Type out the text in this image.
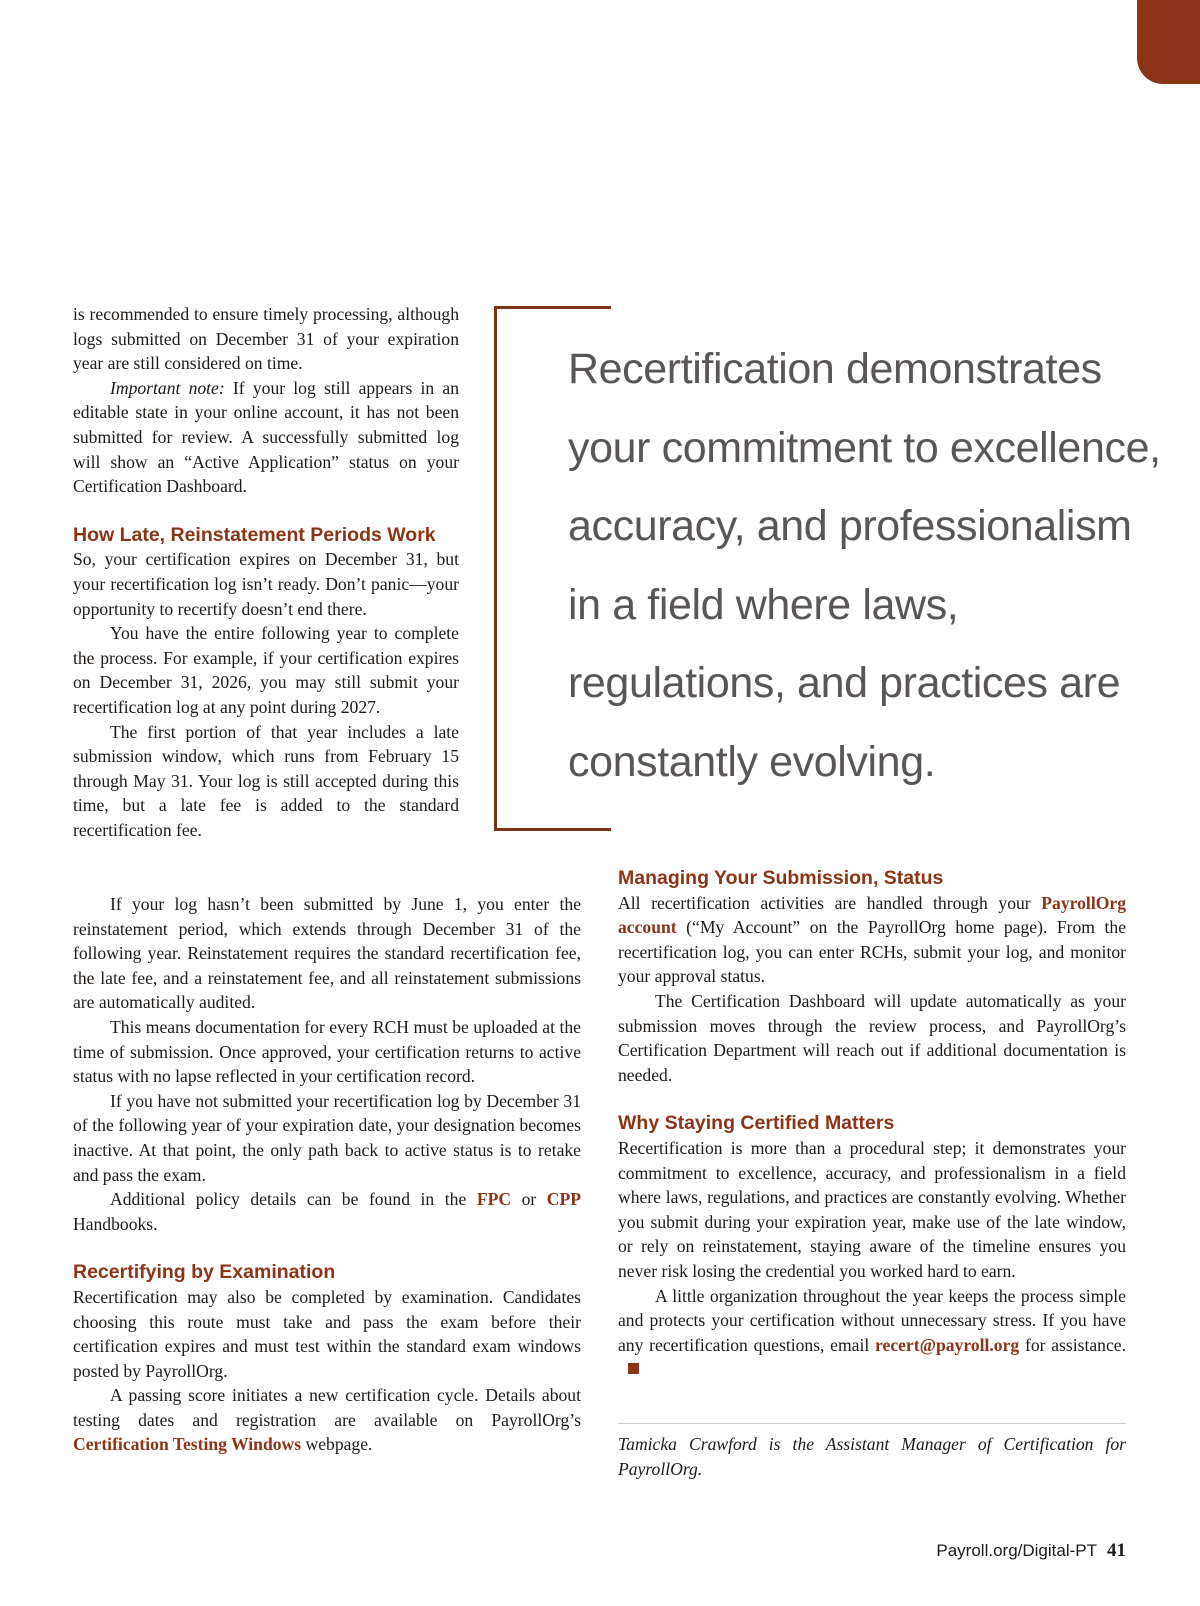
is recommended to ensure timely processing, although logs submitted on December 31 of your expiration year are still considered on time.

Important note: If your log still appears in an editable state in your online account, it has not been submitted for review. A successfully submitted log will show an “Active Application” status on your Certification Dashboard.

How Late, Reinstatement Periods Work

So, your certification expires on December 31, but your recertification log isn’t ready. Don’t panic—your opportunity to recertify doesn’t end there.

You have the entire following year to complete the process. For example, if your certification expires on December 31, 2026, you may still submit your recertification log at any point during 2027.

The first portion of that year includes a late submission window, which runs from February 15 through May 31. Your log is still accepted during this time, but a late fee is added to the standard recertification fee.

If your log hasn’t been submitted by June 1, you enter the reinstatement period, which extends through December 31 of the following year. Reinstatement requires the standard recertification fee, the late fee, and a reinstatement fee, and all reinstatement submissions are automatically audited.

This means documentation for every RCH must be uploaded at the time of submission. Once approved, your certification returns to active status with no lapse reflected in your certification record.

If you have not submitted your recertification log by December 31 of the following year of your expiration date, your designation becomes inactive. At that point, the only path back to active status is to retake and pass the exam.

Additional policy details can be found in the FPC or CPP Handbooks.

Recertifying by Examination

Recertification may also be completed by examination. Candidates choosing this route must take and pass the exam before their certification expires and must test within the standard exam windows posted by PayrollOrg.

A passing score initiates a new certification cycle. Details about testing dates and registration are available on PayrollOrg’s Certification Testing Windows webpage.

Recertification demonstrates your commitment to excellence, accuracy, and professionalism in a field where laws, regulations, and practices are constantly evolving.

Managing Your Submission, Status

All recertification activities are handled through your PayrollOrg account (“My Account” on the PayrollOrg home page). From the recertification log, you can enter RCHs, submit your log, and monitor your approval status.

The Certification Dashboard will update automatically as your submission moves through the review process, and PayrollOrg’s Certification Department will reach out if additional documentation is needed.

Why Staying Certified Matters

Recertification is more than a procedural step; it demonstrates your commitment to excellence, accuracy, and professionalism in a field where laws, regulations, and practices are constantly evolving. Whether you submit during your expiration year, make use of the late window, or rely on reinstatement, staying aware of the timeline ensures you never risk losing the credential you worked hard to earn.

A little organization throughout the year keeps the process simple and protects your certification without unnecessary stress. If you have any recertification questions, email recert@payroll.org for assistance.

Tamicka Crawford is the Assistant Manager of Certification for PayrollOrg.
Payroll.org/Digital-PT 41
